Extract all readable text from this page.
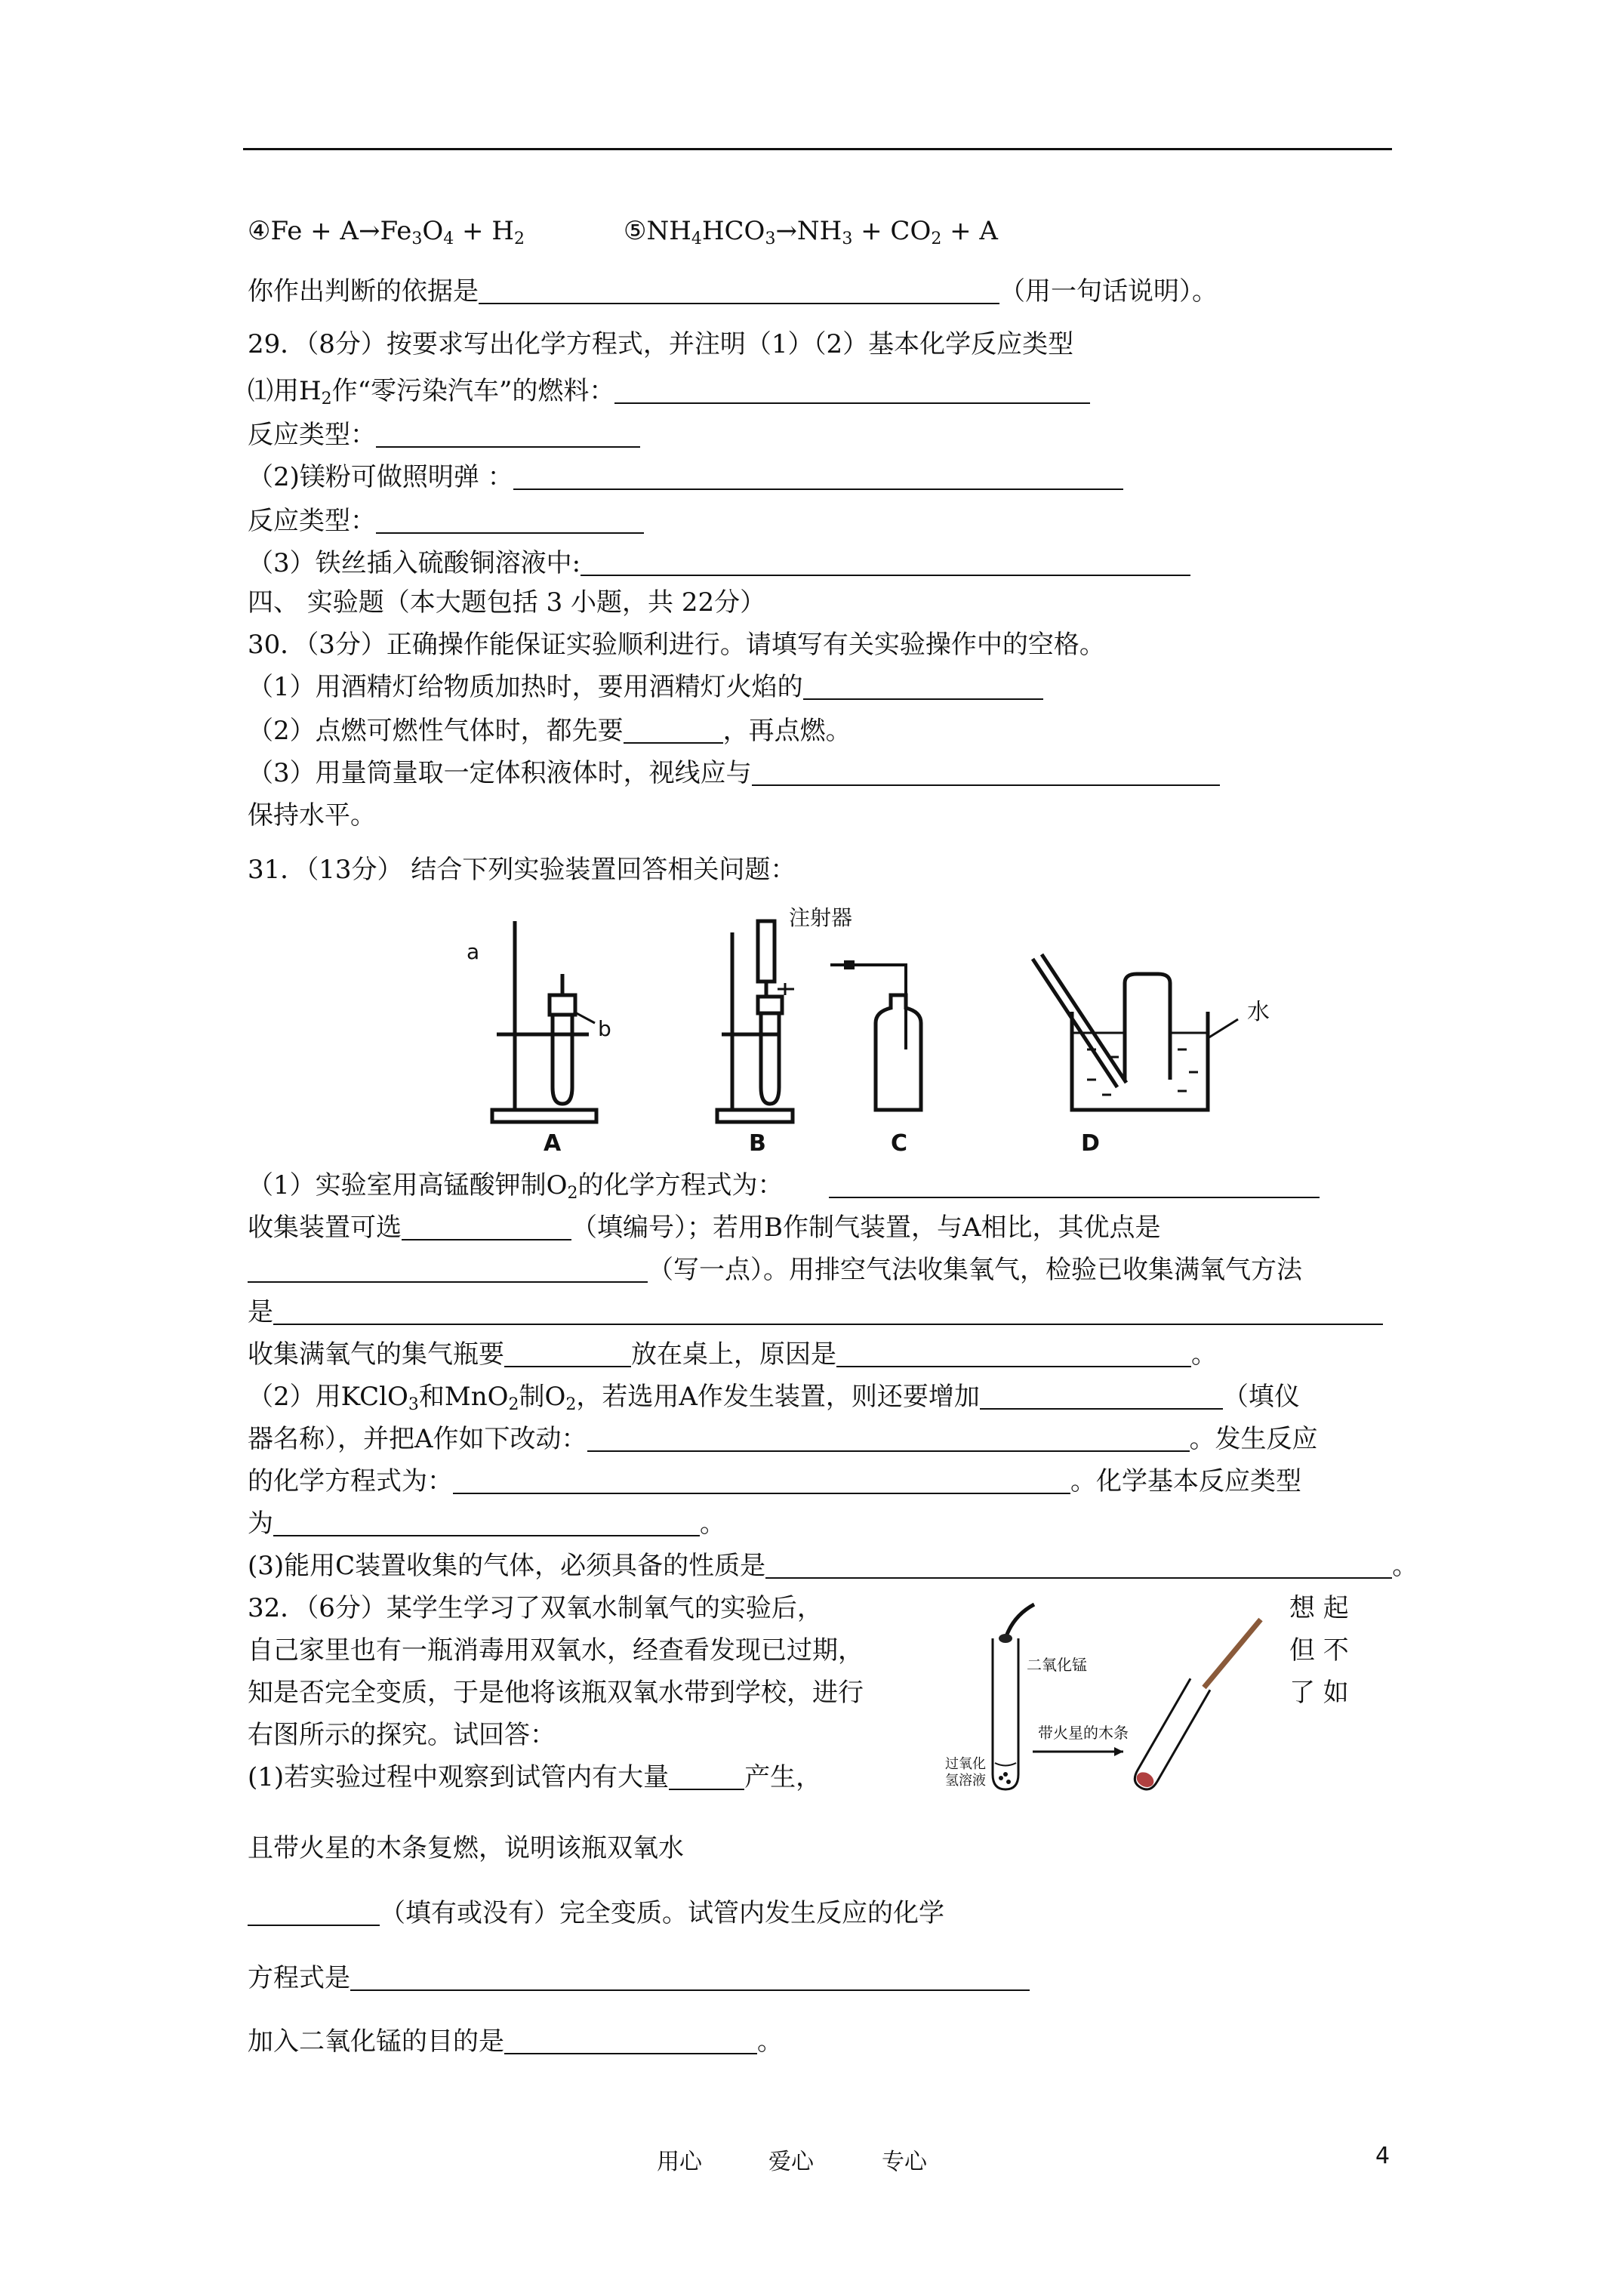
④Fe + $A\to Fe_3O_4 + H_2$	$⑤NH_4HCO_3\to NH_3 + CO_2 + A$
你作出判断的依据是	（用一句话说明）。
29．（8分）按要求写出化学方程式，并注明（1）（2）基本化学反应类型
⑴用$H_2$作“零污染汽车”的燃料：
反应类型：
（2)镁粉可做照明弹 ：
反应类型：
（3）铁丝插入硫酸铜溶液中:
四、 实验题（本大题包括 3 小题，共 22分）
30．（3分）正确操作能保证实验顺利进行。请填写有关实验操作中的空格。
（1）用酒精灯给物质加热时，要用酒精灯火焰的
（2）点燃可燃性气体时，都先要	，再点燃。
（3）用量筒量取一定体积液体时，视线应与
保持水平。
31．（13分） 结合下列实验装置回答相关问题：
a
b
A
注射器
B	C
水
D
（1）实验室用高锰酸钾制$O_2$的化学方程式为：
收集装置可选	（填编号）；若用B作制气装置，与A相比，其优点是
（写一点）。用排空气法收集氧气，检验已收集满氧气方法
是
收集满氧气的集气瓶要	放在桌上，原因是	。
（2）用KClO$_3$和MnO$_2$制$O_2$，若选用A作发生装置，则还要增加	（填仪
器名称），并把A作如下改动：	。发生反应
的化学方程式为：	。化学基本反应类型
为	。
(3)能用C装置收集的气体，必须具备的性质是	。
32．（6分）某学生学习了双氧水制氧气的实验后，	想 起
自己家里也有一瓶消毒用双氧水，经查看发现已过期，	但 不
知是否完全变质，于是他将该瓶双氧水带到学校，进行	了 如
右图所示的探究。试回答：
(1)若实验过程中观察到试管内有大量	产生，
二氧化锰
带火星的木条
过氧化
氢溶液
且带火星的木条复燃，说明该瓶双氧水
（填有或没有）完全变质。试管内发生反应的化学
方程式是
加入二氧化锰的目的是	。
用心	爱心	专心	4
